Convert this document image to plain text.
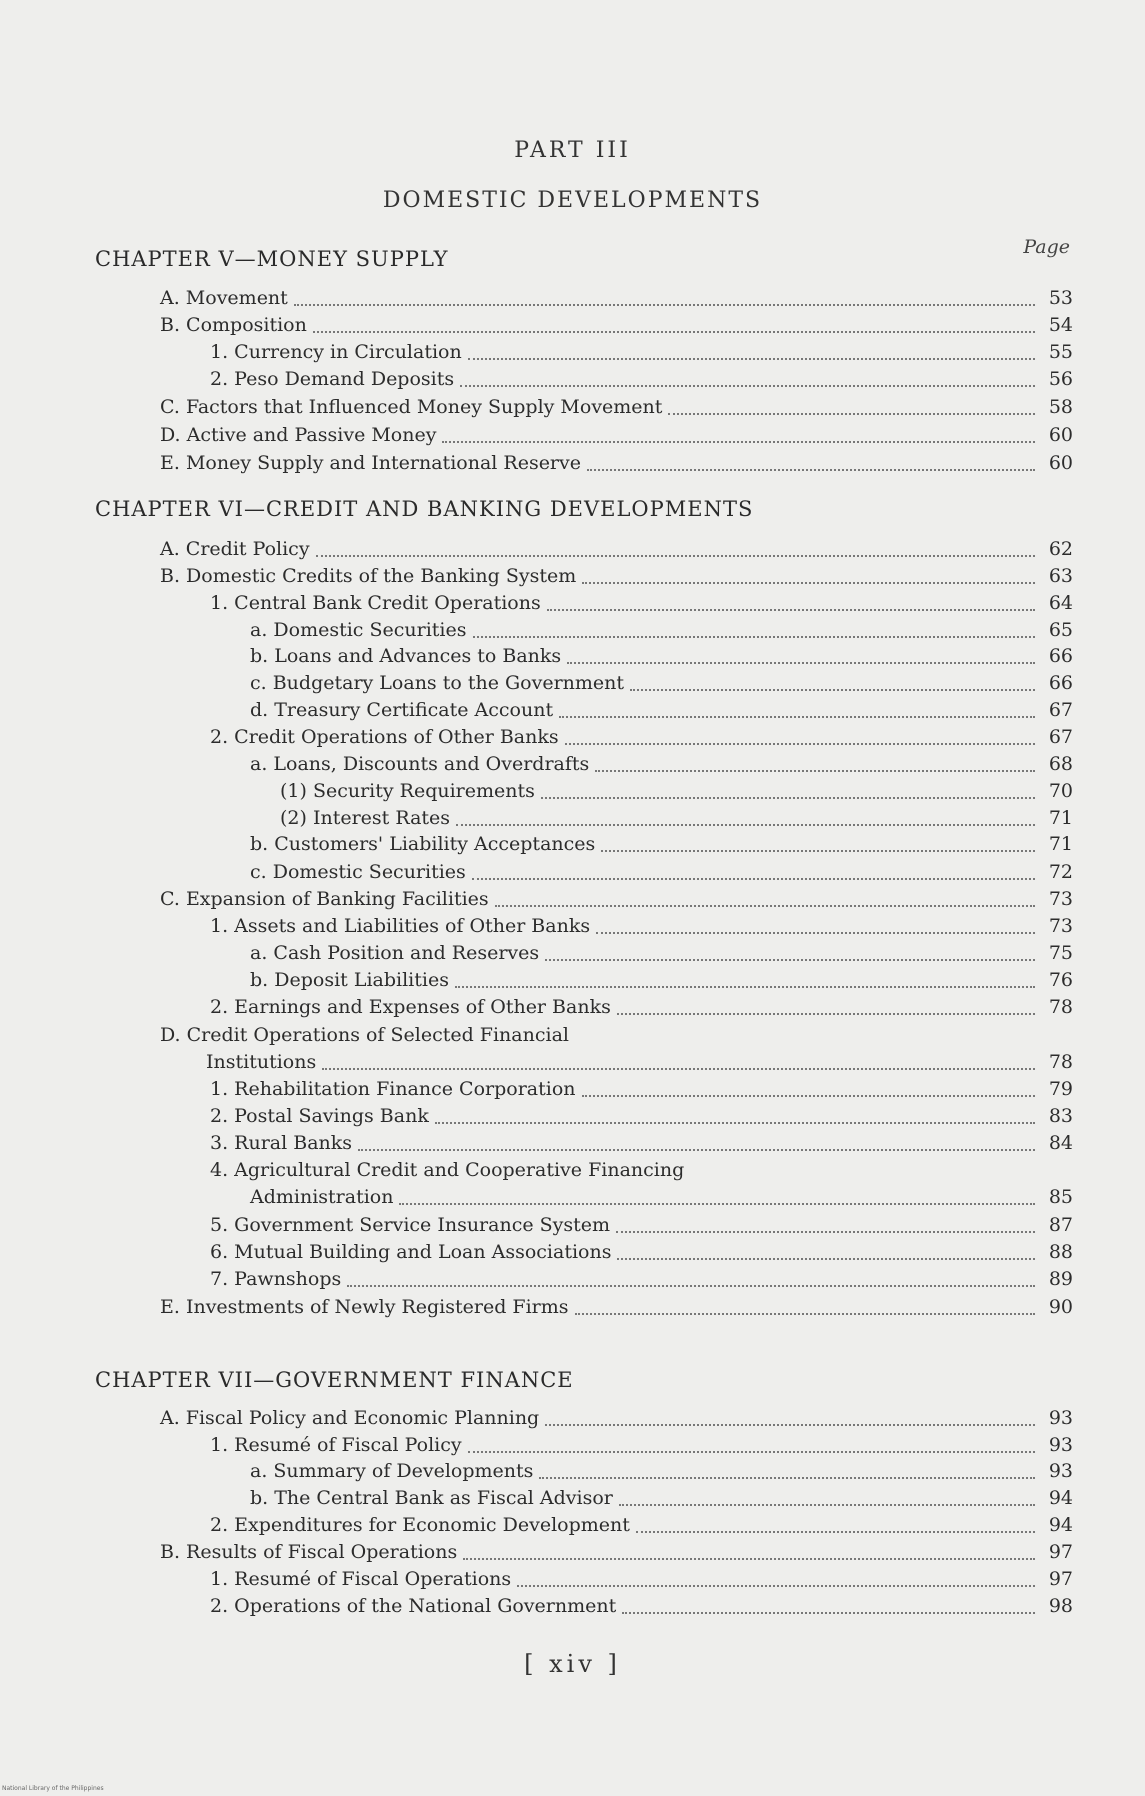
PART III
DOMESTIC DEVELOPMENTS
Page
CHAPTER V—MONEY SUPPLY
CHAPTER VI—CREDIT AND BANKING DEVELOPMENTS
CHAPTER VII—GOVERNMENT FINANCE
A. Movement	53
B. Composition	54
1. Currency in Circulation	55
2. Peso Demand Deposits	56
C. Factors that Influenced Money Supply Movement	58
D. Active and Passive Money	60
E. Money Supply and International Reserve	60
A. Credit Policy	62
B. Domestic Credits of the Banking System	63
1. Central Bank Credit Operations	64
a. Domestic Securities	65
b. Loans and Advances to Banks	66
c. Budgetary Loans to the Government	66
d. Treasury Certificate Account	67
2. Credit Operations of Other Banks	67
a. Loans, Discounts and Overdrafts	68
(1) Security Requirements	70
(2) Interest Rates	71
b. Customers' Liability Acceptances	71
c. Domestic Securities	72
C. Expansion of Banking Facilities	73
1. Assets and Liabilities of Other Banks	73
a. Cash Position and Reserves	75
b. Deposit Liabilities	76
2. Earnings and Expenses of Other Banks	78
D. Credit Operations of Selected Financial
Institutions	78
1. Rehabilitation Finance Corporation	79
2. Postal Savings Bank	83
3. Rural Banks	84
4. Agricultural Credit and Cooperative Financing
Administration	85
5. Government Service Insurance System	87
6. Mutual Building and Loan Associations	88
7. Pawnshops	89
E. Investments of Newly Registered Firms	90
A. Fiscal Policy and Economic Planning	93
1. Resumé of Fiscal Policy	93
a. Summary of Developments	93
b. The Central Bank as Fiscal Advisor	94
2. Expenditures for Economic Development	94
B. Results of Fiscal Operations	97
1. Resumé of Fiscal Operations	97
2. Operations of the National Government	98
[ xiv ]
National Library of the Philippines
